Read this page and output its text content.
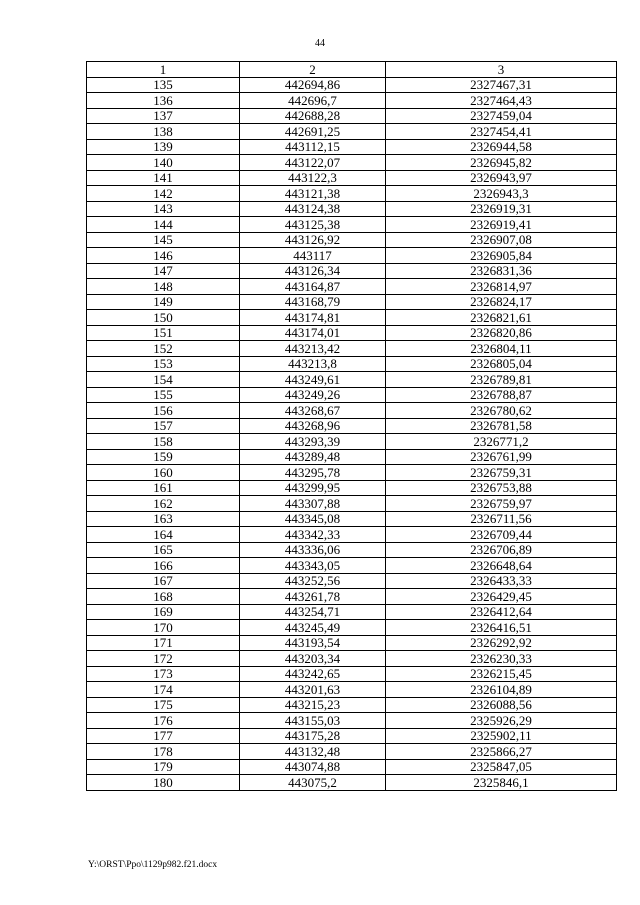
44
1	2	3
135	442694,86	2327467,31
136	442696,7	2327464,43
137	442688,28	2327459,04
138	442691,25	2327454,41
139	443112,15	2326944,58
140	443122,07	2326945,82
141	443122,3	2326943,97
142	443121,38	2326943,3
143	443124,38	2326919,31
144	443125,38	2326919,41
145	443126,92	2326907,08
146	443117	2326905,84
147	443126,34	2326831,36
148	443164,87	2326814,97
149	443168,79	2326824,17
150	443174,81	2326821,61
151	443174,01	2326820,86
152	443213,42	2326804,11
153	443213,8	2326805,04
154	443249,61	2326789,81
155	443249,26	2326788,87
156	443268,67	2326780,62
157	443268,96	2326781,58
158	443293,39	2326771,2
159	443289,48	2326761,99
160	443295,78	2326759,31
161	443299,95	2326753,88
162	443307,88	2326759,97
163	443345,08	2326711,56
164	443342,33	2326709,44
165	443336,06	2326706,89
166	443343,05	2326648,64
167	443252,56	2326433,33
168	443261,78	2326429,45
169	443254,71	2326412,64
170	443245,49	2326416,51
171	443193,54	2326292,92
172	443203,34	2326230,33
173	443242,65	2326215,45
174	443201,63	2326104,89
175	443215,23	2326088,56
176	443155,03	2325926,29
177	443175,28	2325902,11
178	443132,48	2325866,27
179	443074,88	2325847,05
180	443075,2	2325846,1
Y:\ORST\Ppo\1129p982.f21.docx
